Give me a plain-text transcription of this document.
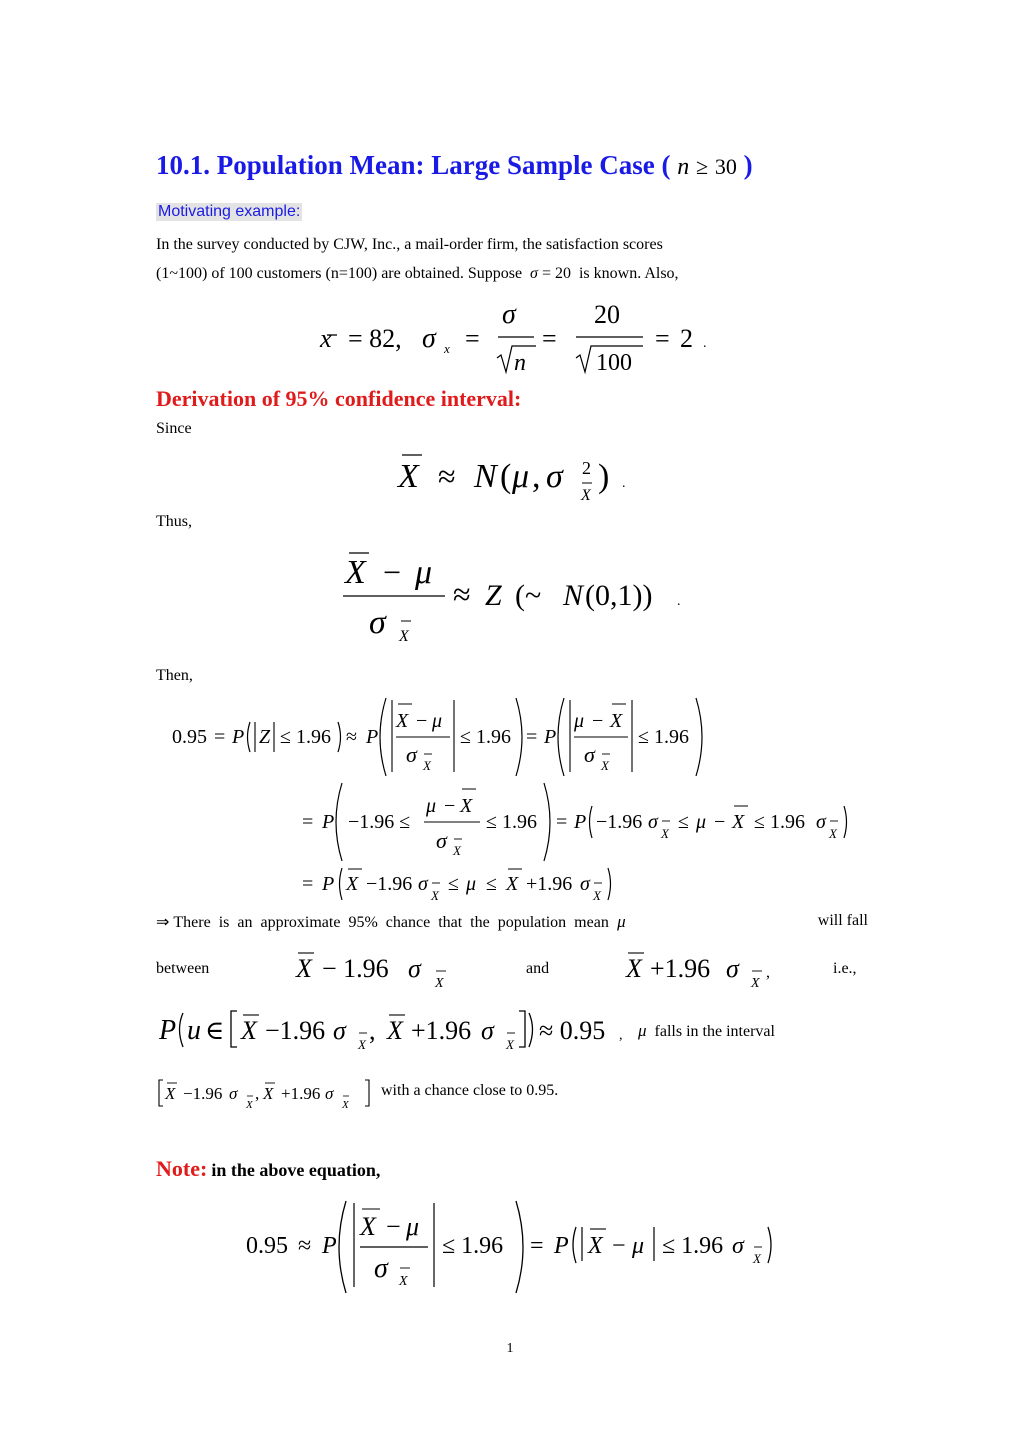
10.1. Population Mean: Large Sample Case ( n ≥ 30 )
Motivating example:
In the survey conducted by CJW, Inc., a mail-order firm, the satisfaction scores
(1~100) of 100 customers (n=100) are obtained. Suppose  σ = 20  is known. Also,
x = 82, σ x =
σ
n
=
20
100
= 2 .
Derivation of 95% confidence interval:
Since
X ≈ N ( μ , σ 2
X
) .
Thus,
X − μ
σ X
≈ Z (~ N (0,1)) .
Then,
0.95 = P Z ≤ 1.96 ≈ P
X − μ
σ X
≤ 1.96 = P
μ − X
σ X
≤ 1.96
= P −1.96 ≤
μ − X
σ X
≤ 1.96 = P −1.96 σ
X
≤ μ − X ≤ 1.96 σ
X
= P X −1.96 σ
X
≤ μ ≤ X +1.96 σ
X
⇒ There is an approximate 95% chance that the population mean  μ	will fall
between	X − 1.96 σ
X
and	X +1.96 σ
X
,	i.e.,
P u ∈ X −1.96 σ X , X +1.96 σ X ≈ 0.95 , μ falls in the interval
X −1.96 σ
X
, X +1.96 σ
X
with a chance close to 0.95.
Note: in the above equation,
0.95 ≈ P
X − μ
σ X
≤ 1.96 = P X − μ ≤ 1.96 σ X
1
